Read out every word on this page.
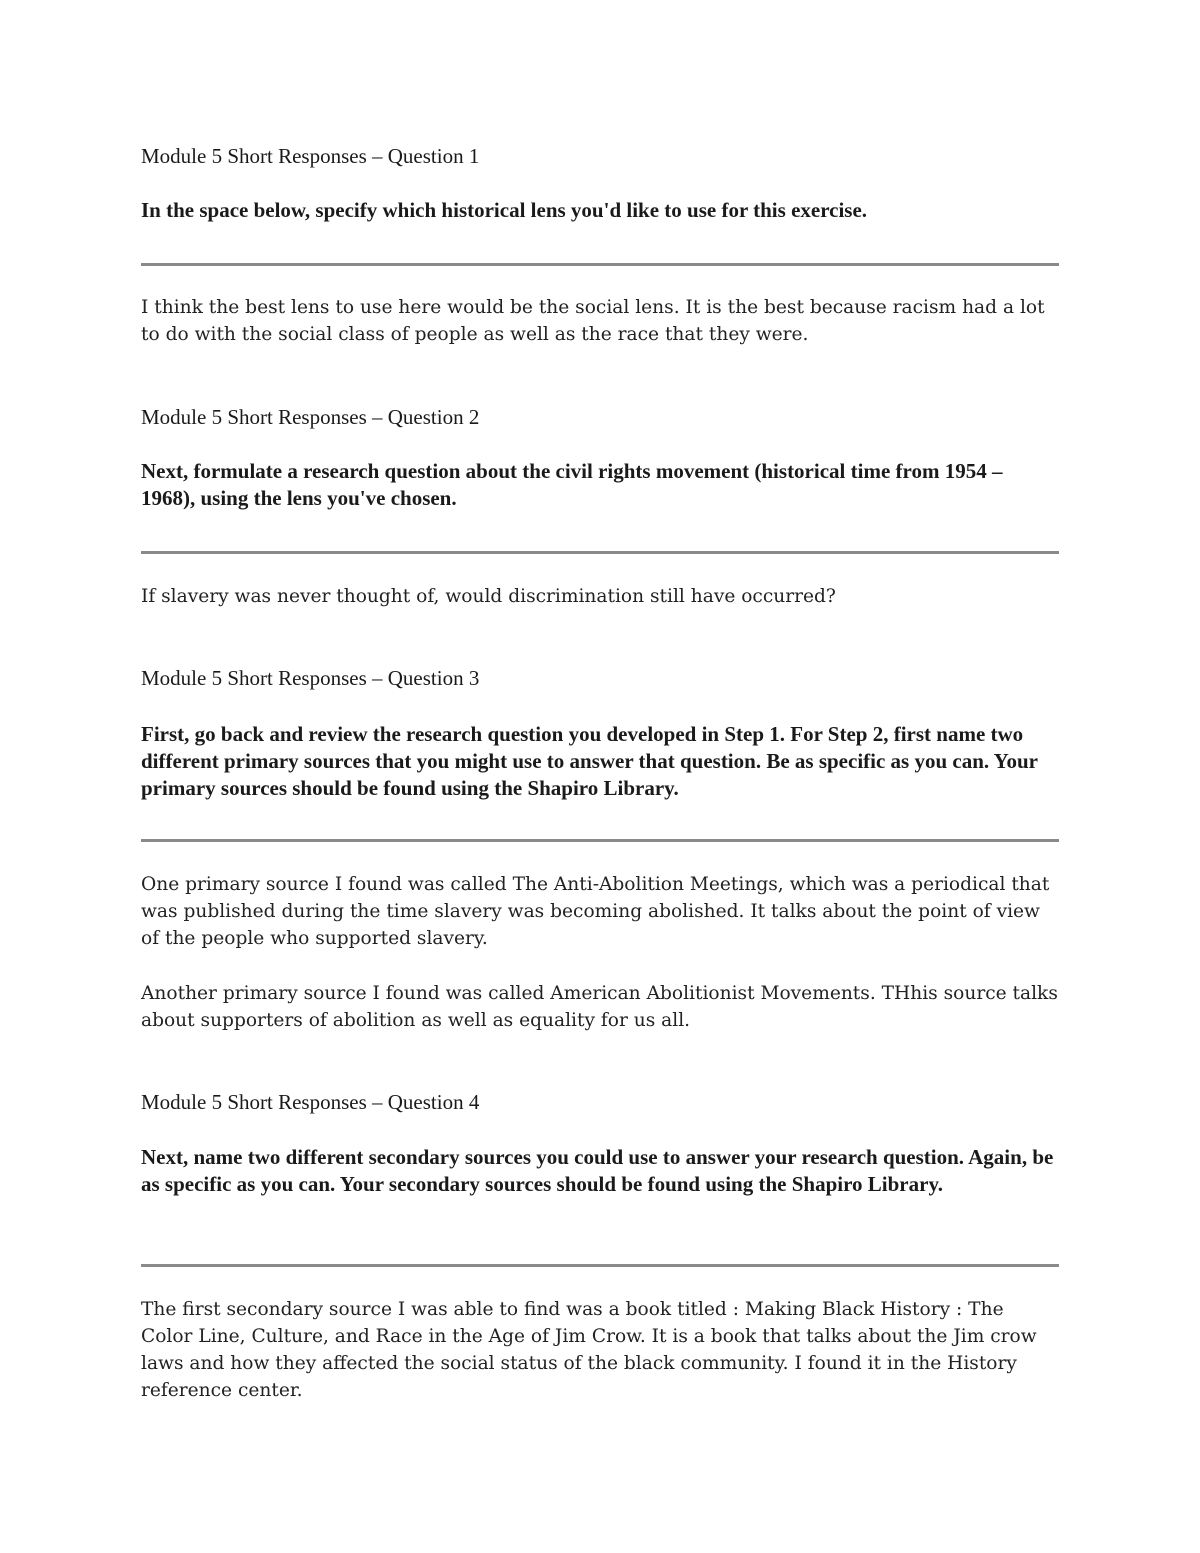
Module 5 Short Responses – Question 1

In the space below, specify which historical lens you'd like to use for this exercise.

I think the best lens to use here would be the social lens. It is the best because racism had a lot to do with the social class of people as well as the race that they were.

Module 5 Short Responses – Question 2

Next, formulate a research question about the civil rights movement (historical time from 1954 – 1968), using the lens you've chosen.

If slavery was never thought of, would discrimination still have occurred?

Module 5 Short Responses – Question 3

First, go back and review the research question you developed in Step 1. For Step 2, first name two different primary sources that you might use to answer that question. Be as specific as you can. Your primary sources should be found using the Shapiro Library.

One primary source I found was called The Anti-Abolition Meetings, which was a periodical that was published during the time slavery was becoming abolished. It talks about the point of view of the people who supported slavery.

Another primary source I found was called American Abolitionist Movements. THhis source talks about supporters of abolition as well as equality for us all.

Module 5 Short Responses – Question 4

Next, name two different secondary sources you could use to answer your research question. Again, be as specific as you can. Your secondary sources should be found using the Shapiro Library.

The first secondary source I was able to find was a book titled : Making Black History : The Color Line, Culture, and Race in the Age of Jim Crow. It is a book that talks about the Jim crow laws and how they affected the social status of the black community. I found it in the History reference center.
